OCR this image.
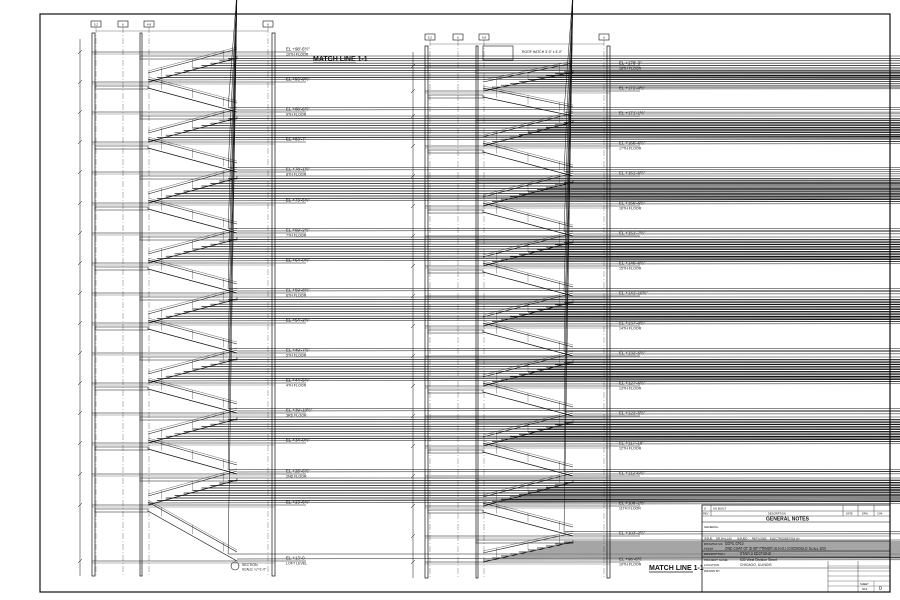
5.2	6	4.8	6
EL +98'-6½"
10TH FLOOR
EL +93'-9½"
EL +88'-6½"
9TH FLOOR
EL +83'-7"
EL +78'-1½"
8TH FLOOR
EL +73'-5½"
EL +69'-2½"
7TH FLOOR
EL +64'-0½"
EL +59'-8½"
6TH FLOOR
EL +54'-2½"
EL +49'-7½"
5TH FLOOR
EL +44'-5½"
4TH FLOOR
EL +39'-10½"
3RD FLOOR
EL +34'-0½"
EL +28'-6½"
2ND FLOOR
EL +23'-6½"
EL +13'-0
LOFT LEVEL
5.2	6	4.8	6
EL +178'-3"
18TH FLOOR
EL +172'-0½"
EL +171'-1½"
EL +166'-6½"
17TH FLOOR
EL +161'-6½"
EL +156'-6½"
16TH FLOOR
EL +151'-7½"
EL +146'-6½"
15TH FLOOR
EL +141'-10½"
EL +137'-0½"
14TH FLOOR
EL +132'-5½"
EL +127'-6½"
13TH FLOOR
EL +122'-5½"
EL +117'-10"
12TH FLOOR
EL +112'-6½"
EL +108'-1½"
11TH FLOOR
EL +103'-2½"
EL +98'-6½"
10TH FLOOR
ROOF HATCH 3'-0" x 3'-0"
MATCH LINE 1-1
SECTION
SCALE: ¼"=1'-0"	MATCH LINE 1-1
0 AS BUILT
REV.	DESCRIPTION	DATE	DRN	CHK
GENERAL NOTES
GENERAL:
ISSUE DR.SHL.100 ISSUED RETN.5005 ELECTRODE E7018 LH
DRAWING NO. SSPC-SP10
FINISH	ONE COAT OF SHOP PRIMER (U.N.O.) (CHEMOULD Series 120)
DESCRIPTION	STAIR-2 SECTIONS
PROJECT NAME	630 West Division Street
LOCATION	CHICAGO, ILLINOIS
DRAWN BY
SHEET
S14 0
